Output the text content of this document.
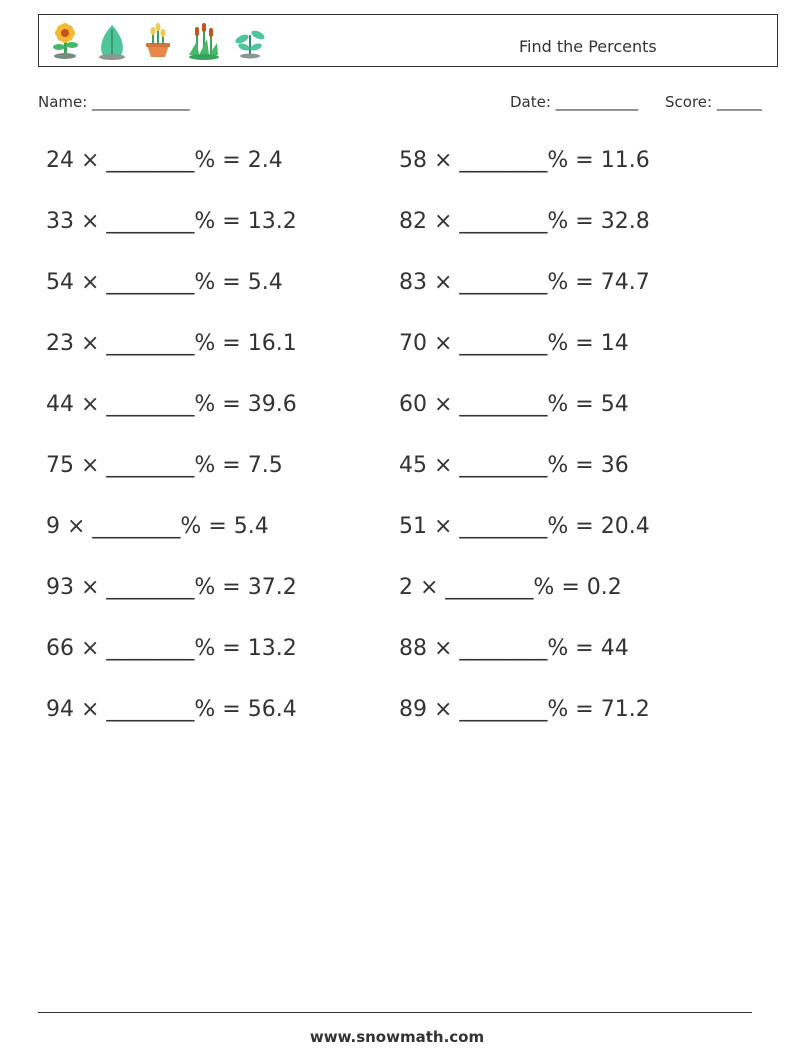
Find the Percents
Name: _____________	Date: ___________ Score: ______
24 × ________% = 2.4
33 × ________% = 13.2
54 × ________% = 5.4
23 × ________% = 16.1
44 × ________% = 39.6
75 × ________% = 7.5
9 × ________% = 5.4
93 × ________% = 37.2
66 × ________% = 13.2
94 × ________% = 56.4
58 × ________% = 11.6
82 × ________% = 32.8
83 × ________% = 74.7
70 × ________% = 14
60 × ________% = 54
45 × ________% = 36
51 × ________% = 20.4
2 × ________% = 0.2
88 × ________% = 44
89 × ________% = 71.2
www.snowmath.com
